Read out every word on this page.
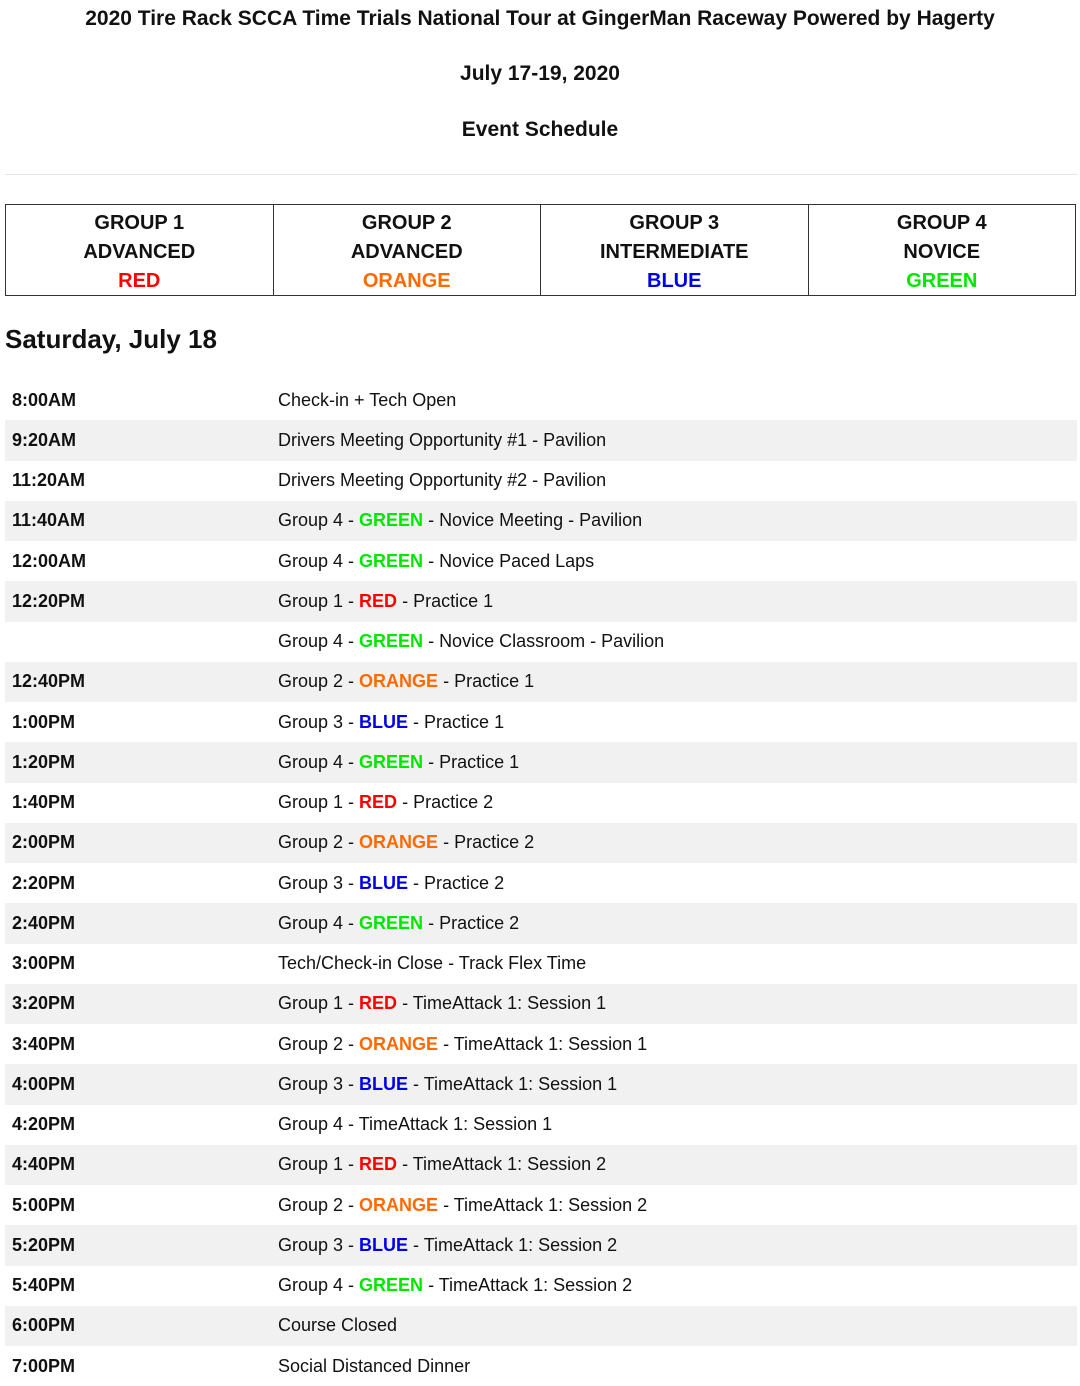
2020 Tire Rack SCCA Time Trials National Tour at GingerMan Raceway Powered by Hagerty
July 17-19, 2020
Event Schedule
GROUP 1
ADVANCED
RED
GROUP 2
ADVANCED
ORANGE
GROUP 3
INTERMEDIATE
BLUE
GROUP 4
NOVICE
GREEN
Saturday, July 18
8:00AM	Check-in + Tech Open
9:20AM	Drivers Meeting Opportunity #1 - Pavilion
11:20AM	Drivers Meeting Opportunity #2 - Pavilion
11:40AM	Group 4 - GREEN - Novice Meeting - Pavilion
12:00AM	Group 4 - GREEN - Novice Paced Laps
12:20PM	Group 1 - RED - Practice 1
Group 4 - GREEN - Novice Classroom - Pavilion
12:40PM	Group 2 - ORANGE - Practice 1
1:00PM	Group 3 - BLUE - Practice 1
1:20PM	Group 4 - GREEN - Practice 1
1:40PM	Group 1 - RED - Practice 2
2:00PM	Group 2 - ORANGE - Practice 2
2:20PM	Group 3 - BLUE - Practice 2
2:40PM	Group 4 - GREEN - Practice 2
3:00PM	Tech/Check-in Close - Track Flex Time
3:20PM	Group 1 - RED - TimeAttack 1: Session 1
3:40PM	Group 2 - ORANGE - TimeAttack 1: Session 1
4:00PM	Group 3 - BLUE - TimeAttack 1: Session 1
4:20PM	Group 4 - TimeAttack 1: Session 1
4:40PM	Group 1 - RED - TimeAttack 1: Session 2
5:00PM	Group 2 - ORANGE - TimeAttack 1: Session 2
5:20PM	Group 3 - BLUE - TimeAttack 1: Session 2
5:40PM	Group 4 - GREEN - TimeAttack 1: Session 2
6:00PM	Course Closed
7:00PM	Social Distanced Dinner
